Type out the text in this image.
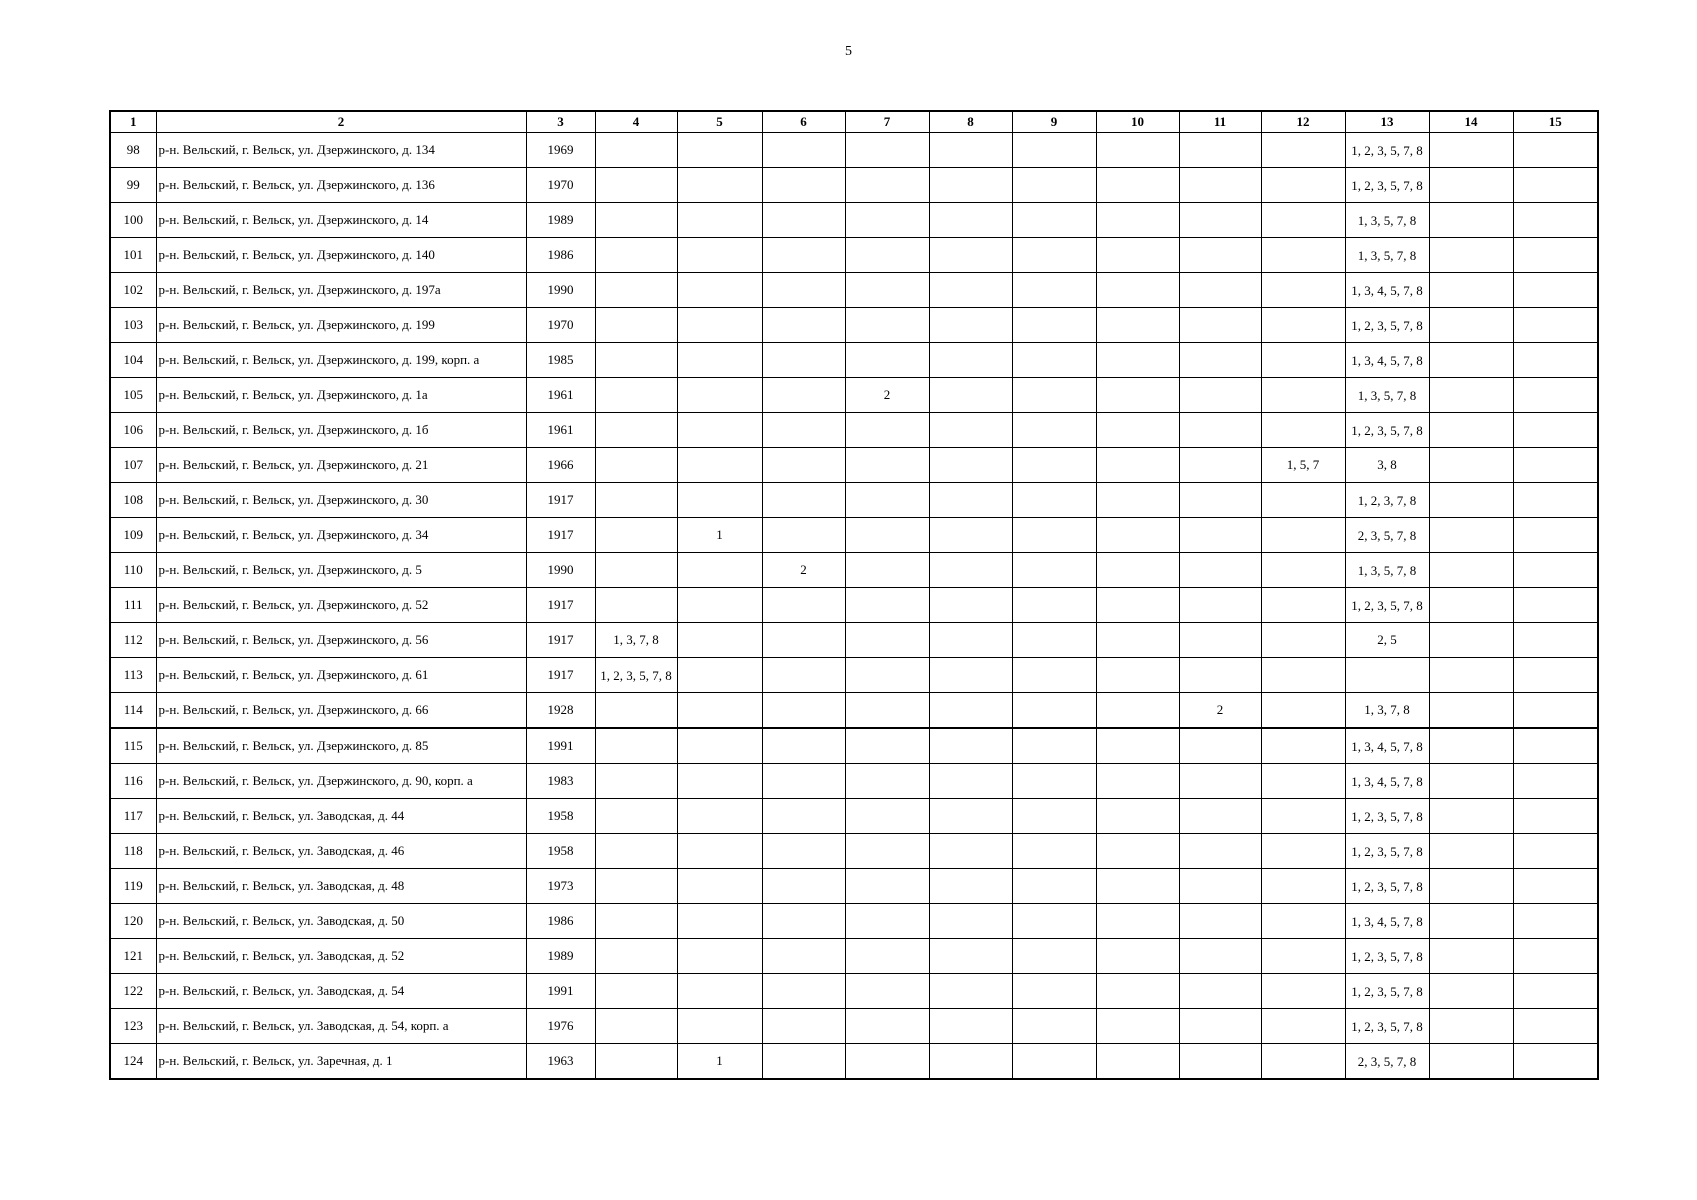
5
1	2	3	4	5	6	7	8	9	10	11	12	13	14	15
98	р-н. Вельский, г. Вельск, ул. Дзержинского, д. 134	1969										1, 2, 3, 5, 7, 8		
99	р-н. Вельский, г. Вельск, ул. Дзержинского, д. 136	1970										1, 2, 3, 5, 7, 8		
100	р-н. Вельский, г. Вельск, ул. Дзержинского, д. 14	1989										1, 3, 5, 7, 8		
101	р-н. Вельский, г. Вельск, ул. Дзержинского, д. 140	1986										1, 3, 5, 7, 8		
102	р-н. Вельский, г. Вельск, ул. Дзержинского, д. 197а	1990										1, 3, 4, 5, 7, 8		
103	р-н. Вельский, г. Вельск, ул. Дзержинского, д. 199	1970										1, 2, 3, 5, 7, 8		
104	р-н. Вельский, г. Вельск, ул. Дзержинского, д. 199, корп. а	1985										1, 3, 4, 5, 7, 8		
105	р-н. Вельский, г. Вельск, ул. Дзержинского, д. 1а	1961				2						1, 3, 5, 7, 8		
106	р-н. Вельский, г. Вельск, ул. Дзержинского, д. 1б	1961										1, 2, 3, 5, 7, 8		
107	р-н. Вельский, г. Вельск, ул. Дзержинского, д. 21	1966									1, 5, 7	3, 8		
108	р-н. Вельский, г. Вельск, ул. Дзержинского, д. 30	1917										1, 2, 3, 7, 8		
109	р-н. Вельский, г. Вельск, ул. Дзержинского, д. 34	1917		1								2, 3, 5, 7, 8		
110	р-н. Вельский, г. Вельск, ул. Дзержинского, д. 5	1990			2							1, 3, 5, 7, 8		
111	р-н. Вельский, г. Вельск, ул. Дзержинского, д. 52	1917										1, 2, 3, 5, 7, 8		
112	р-н. Вельский, г. Вельск, ул. Дзержинского, д. 56	1917	1, 3, 7, 8									2, 5		
113	р-н. Вельский, г. Вельск, ул. Дзержинского, д. 61	1917	1, 2, 3, 5, 7, 8											
114	р-н. Вельский, г. Вельск, ул. Дзержинского, д. 66	1928								2		1, 3, 7, 8		
115	р-н. Вельский, г. Вельск, ул. Дзержинского, д. 85	1991										1, 3, 4, 5, 7, 8		
116	р-н. Вельский, г. Вельск, ул. Дзержинского, д. 90, корп. а	1983										1, 3, 4, 5, 7, 8		
117	р-н. Вельский, г. Вельск, ул. Заводская, д. 44	1958										1, 2, 3, 5, 7, 8		
118	р-н. Вельский, г. Вельск, ул. Заводская, д. 46	1958										1, 2, 3, 5, 7, 8		
119	р-н. Вельский, г. Вельск, ул. Заводская, д. 48	1973										1, 2, 3, 5, 7, 8		
120	р-н. Вельский, г. Вельск, ул. Заводская, д. 50	1986										1, 3, 4, 5, 7, 8		
121	р-н. Вельский, г. Вельск, ул. Заводская, д. 52	1989										1, 2, 3, 5, 7, 8		
122	р-н. Вельский, г. Вельск, ул. Заводская, д. 54	1991										1, 2, 3, 5, 7, 8		
123	р-н. Вельский, г. Вельск, ул. Заводская, д. 54, корп. а	1976										1, 2, 3, 5, 7, 8		
124	р-н. Вельский, г. Вельск, ул. Заречная, д. 1	1963		1								2, 3, 5, 7, 8		
